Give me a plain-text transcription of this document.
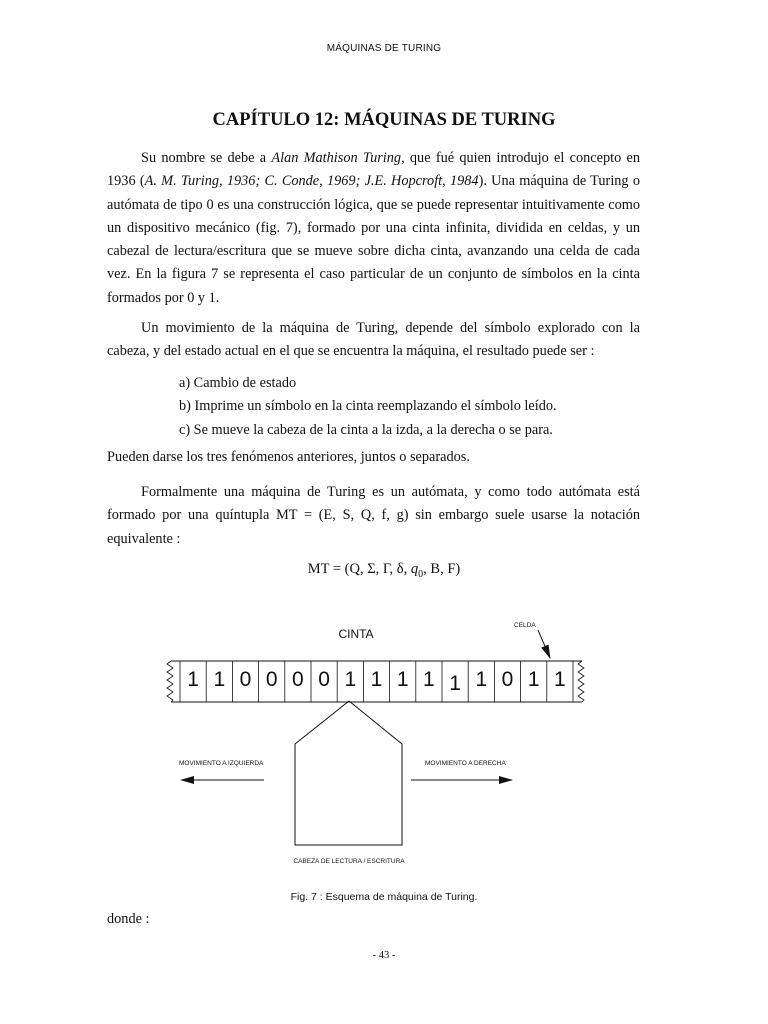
MÁQUINAS DE TURING
CAPÍTULO 12: MÁQUINAS DE TURING

Su nombre se debe a Alan Mathison Turing, que fué quien introdujo el concepto en 1936 (A. M. Turing, 1936; C. Conde, 1969; J.E. Hopcroft, 1984). Una máquina de Turing o autómata de tipo 0 es una construcción lógica, que se puede representar intuitivamente como un dispositivo mecánico (fig. 7), formado por una cinta infinita, dividida en celdas, y un cabezal de lectura/escritura que se mueve sobre dicha cinta, avanzando una celda de cada vez. En la figura 7 se representa el caso particular de un conjunto de símbolos en la cinta formados por 0 y 1.

Un movimiento de la máquina de Turing, depende del símbolo explorado con la cabeza, y del estado actual en el que se encuentra la máquina, el resultado puede ser :

a) Cambio de estado
b) Imprime un símbolo en la cinta reemplazando el símbolo leído.
c) Se mueve la cabeza de la cinta a la izda, a la derecha o se para.
Pueden darse los tres fenómenos anteriores, juntos o separados.

Formalmente una máquina de Turing es un autómata, y como todo autómata está formado por una quíntupla MT = (E, S, Q, f, g) sin embargo suele usarse la notación equivalente :

MT = (Q, Σ, Γ, δ, $q_0$, B, F)
CINTA
CELDA
1 1 0 0 0 0 1 1 1 1 1 1 0 1 1
MOVIMIENTO A IZQUIERDA	MOVIMIENTO A DERECHA
CABEZA DE LECTURA / ESCRITURA
Fig. 7 : Esquema de máquina de Turing.
donde :
- 43 -
